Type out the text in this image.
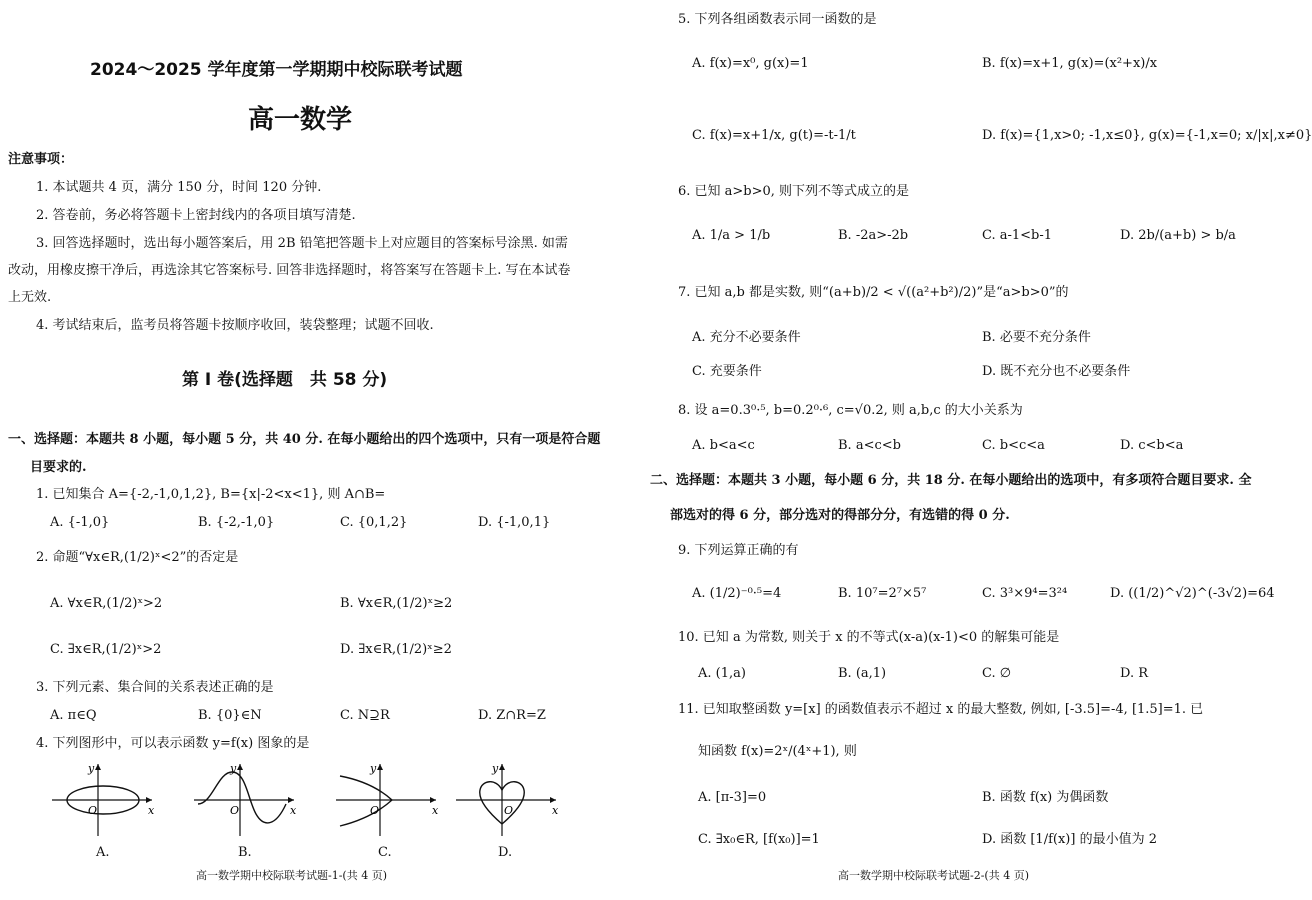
2024～2025 学年度第一学期期中校际联考试题
高一数学
注意事项：
1. 本试题共 4 页，满分 150 分，时间 120 分钟.
2. 答卷前，务必将答题卡上密封线内的各项目填写清楚.
3. 回答选择题时，选出每小题答案后，用 2B 铅笔把答题卡上对应题目的答案标号涂黑. 如需
改动，用橡皮擦干净后，再选涂其它答案标号. 回答非选择题时，将答案写在答题卡上. 写在本试卷
上无效.
4. 考试结束后，监考员将答题卡按顺序收回，装袋整理；试题不回收.
第 Ⅰ 卷(选择题　共 58 分)
一、选择题：本题共 8 小题，每小题 5 分，共 40 分. 在每小题给出的四个选项中，只有一项是符合题
目要求的.
1. 已知集合 A={-2,-1,0,1,2}, B={x|-2<x<1}, 则 A∩B=
A. {-1,0}	B. {-2,-1,0}	C. {0,1,2}	D. {-1,0,1}
2. 命题“∀x∈R,(1/2)ˣ<2”的否定是
A. ∀x∈R,(1/2)ˣ>2	B. ∀x∈R,(1/2)ˣ≥2
C. ∃x∈R,(1/2)ˣ>2	D. ∃x∈R,(1/2)ˣ≥2
3. 下列元素、集合间的关系表述正确的是
A. π∈Q	B. {0}∈N	C. N⊇R	D. Z∩R=Z
4. 下列图形中，可以表示函数 y=f(x) 图象的是
y
x
O
A.
y
x
O
B.
y
x
O
C.
y
x
O
D.
高一数学期中校际联考试题-1-(共 4 页)
5. 下列各组函数表示同一函数的是
A. f(x)=x⁰, g(x)=1	B. f(x)=x+1, g(x)=(x²+x)/x
C. f(x)=x+1/x, g(t)=-t-1/t	D. f(x)={1,x>0; -1,x≤0}, g(x)={-1,x=0; x/|x|,x≠0}
6. 已知 a>b>0, 则下列不等式成立的是
A. 1/a > 1/b	B. -2a>-2b	C. a-1<b-1	D. 2b/(a+b) > b/a
7. 已知 a,b 都是实数, 则“(a+b)/2 < √((a²+b²)/2)”是“a>b>0”的
A. 充分不必要条件	B. 必要不充分条件
C. 充要条件	D. 既不充分也不必要条件
8. 设 a=0.3⁰·⁵, b=0.2⁰·⁶, c=√0.2, 则 a,b,c 的大小关系为
A. b<a<c	B. a<c<b	C. b<c<a	D. c<b<a
二、选择题：本题共 3 小题，每小题 6 分，共 18 分. 在每小题给出的选项中，有多项符合题目要求. 全
部选对的得 6 分，部分选对的得部分分，有选错的得 0 分.
9. 下列运算正确的有
A. (1/2)⁻⁰·⁵=4	B. 10⁷=2⁷×5⁷	C. 3³×9⁴=3²⁴	D. ((1/2)^√2)^(-3√2)=64
10. 已知 a 为常数, 则关于 x 的不等式(x-a)(x-1)<0 的解集可能是
A. (1,a)	B. (a,1)	C. ∅	D. R
11. 已知取整函数 y=[x] 的函数值表示不超过 x 的最大整数, 例如, [-3.5]=-4, [1.5]=1. 已
知函数 f(x)=2ˣ/(4ˣ+1), 则
A. [π-3]=0	B. 函数 f(x) 为偶函数
C. ∃x₀∈R, [f(x₀)]=1	D. 函数 [1/f(x)] 的最小值为 2
高一数学期中校际联考试题-2-(共 4 页)
